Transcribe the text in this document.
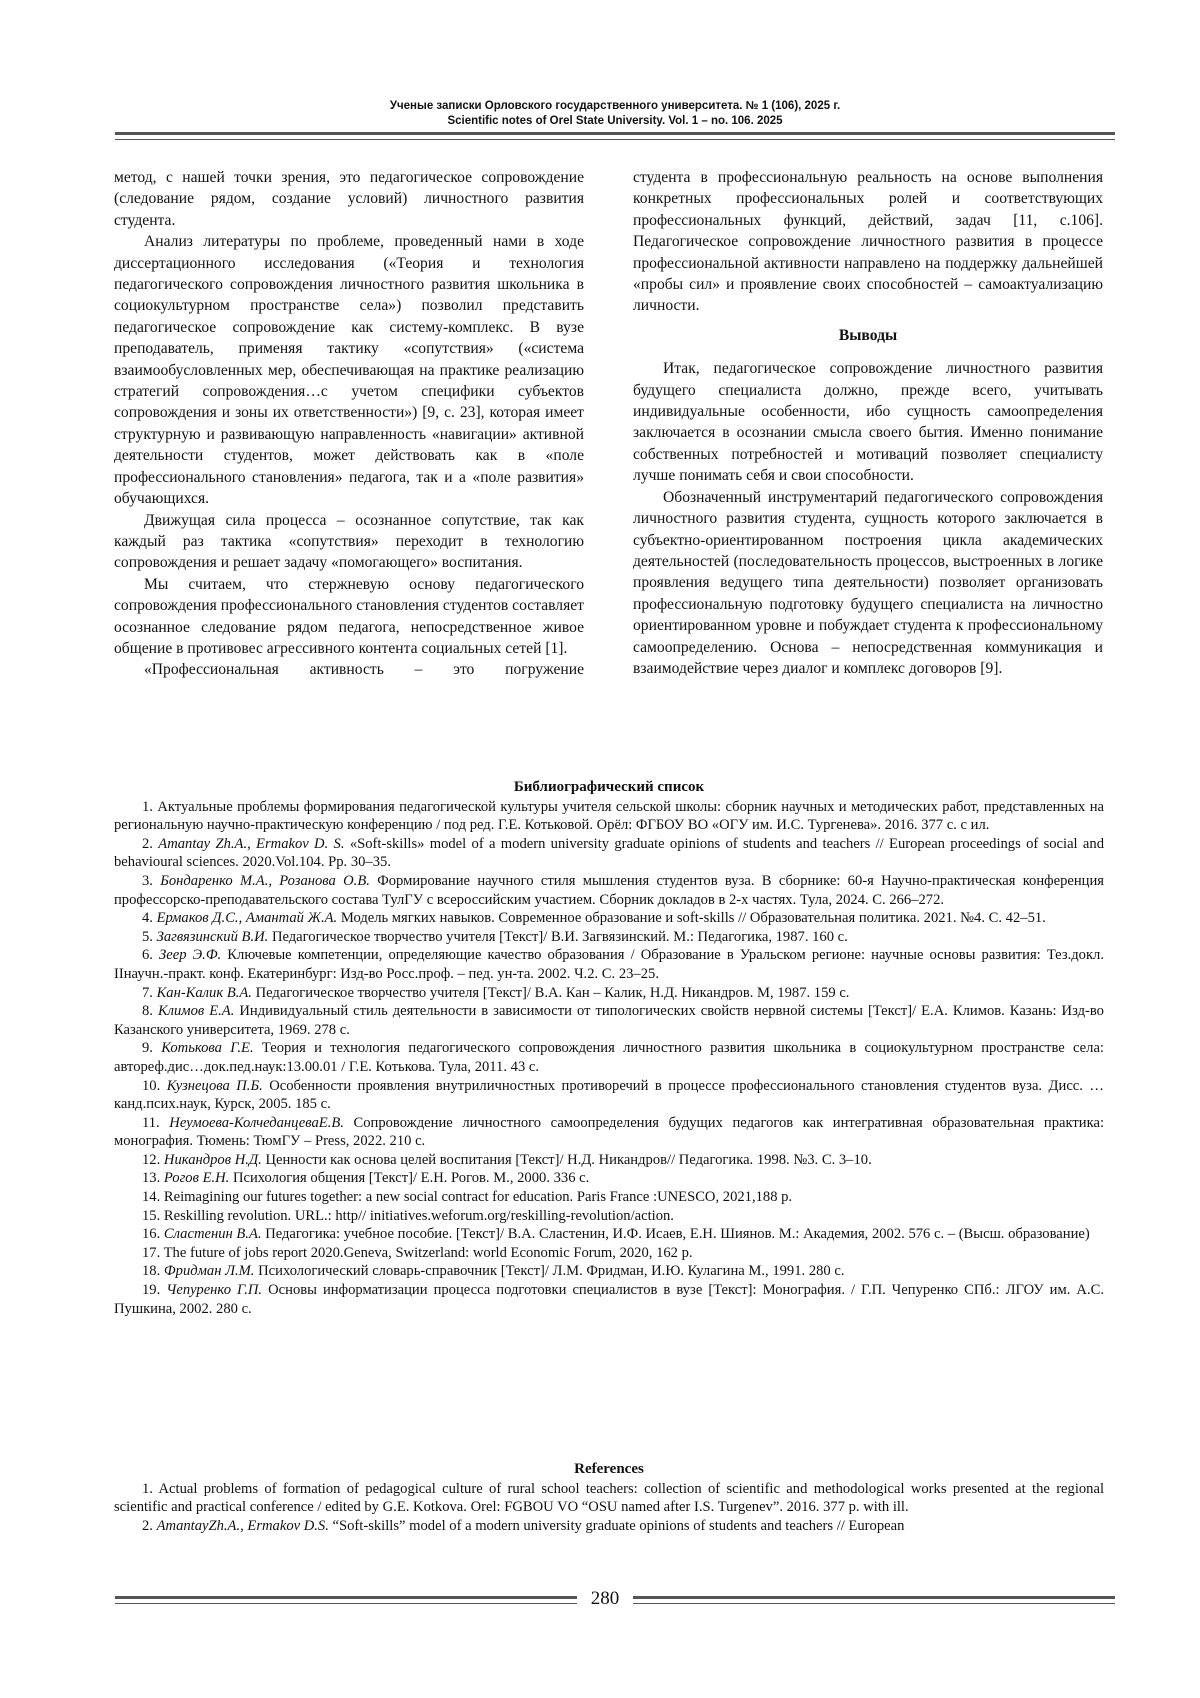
Ученые записки Орловского государственного университета. № 1 (106), 2025 г.
Scientific notes of Orel State University. Vol. 1 – no. 106. 2025

метод, с нашей точки зрения, это педагогическое сопровождение (следование рядом, создание условий) личностного развития студента.

Анализ литературы по проблеме, проведенный нами в ходе диссертационного исследования («Теория и технология педагогического сопровождения личностного развития школьника в социокультурном пространстве села») позволил представить педагогическое сопровождение как систему-комплекс. В вузе преподаватель, применяя тактику «сопутствия» («система взаимообусловленных мер, обеспечивающая на практике реализацию стратегий сопровождения…с учетом специфики субъектов сопровождения и зоны их ответственности») [9, с. 23], которая имеет структурную и развивающую направленность «навигации» активной деятельности студентов, может действовать как в «поле профессионального становления» педагога, так и а «поле развития» обучающихся.

Движущая сила процесса – осознанное сопутствие, так как каждый раз тактика «сопутствия» переходит в технологию сопровождения и решает задачу «помогающего» воспитания.

Мы считаем, что стержневую основу педагогического сопровождения профессионального становления студентов составляет осознанное следование рядом педагога, непосредственное живое общение в противовес агрессивного контента социальных сетей [1].

«Профессиональная активность – это погружение

студента в профессиональную реальность на основе выполнения конкретных профессиональных ролей и соответствующих профессиональных функций, действий, задач [11, с.106]. Педагогическое сопровождение личностного развития в процессе профессиональной активности направлено на поддержку дальнейшей «пробы сил» и проявление своих способностей – самоактуализацию личности.

Выводы

Итак, педагогическое сопровождение личностного развития будущего специалиста должно, прежде всего, учитывать индивидуальные особенности, ибо сущность самоопределения заключается в осознании смысла своего бытия. Именно понимание собственных потребностей и мотиваций позволяет специалисту лучше понимать себя и свои способности.

Обозначенный инструментарий педагогического сопровождения личностного развития студента, сущность которого заключается в субъектно-ориентированном построения цикла академических деятельностей (последовательность процессов, выстроенных в логике проявления ведущего типа деятельности) позволяет организовать профессиональную подготовку будущего специалиста на личностно ориентированном уровне и побуждает студента к профессиональному самоопределению. Основа – непосредственная коммуникация и взаимодействие через диалог и комплекс договоров [9].

Библиографический список

1. Актуальные проблемы формирования педагогической культуры учителя сельской школы: сборник научных и методических работ, представленных на региональную научно-практическую конференцию / под ред. Г.Е. Котьковой. Орёл: ФГБОУ ВО «ОГУ им. И.С. Тургенева». 2016. 377 с. с ил.

2. Amantay Zh.A., Ermakov D. S. «Soft-skills» model of a modern university graduate opinions of students and teachers // European proceedings of social and behavioural sciences. 2020.Vol.104. Pp. 30–35.

3. Бондаренко М.А., Розанова О.В. Формирование научного стиля мышления студентов вуза. В сборнике: 60-я Научно-практическая конференция профессорско-преподавательского состава ТулГУ с всероссийским участием. Сборник докладов в 2-х частях. Тула, 2024. С. 266–272.

4. Ермаков Д.С., Амантай Ж.А. Модель мягких навыков. Современное образование и soft-skills // Образовательная политика. 2021. №4. С. 42–51.

5. Загвязинский В.И. Педагогическое творчество учителя [Текст]/ В.И. Загвязинский. М.: Педагогика, 1987. 160 с.

6. Зеер Э.Ф. Ключевые компетенции, определяющие качество образования / Образование в Уральском регионе: научные основы развития: Тез.докл. IIнаучн.-практ. конф. Екатеринбург: Изд-во Росс.проф. – пед. ун-та. 2002. Ч.2. С. 23–25.

7. Кан-Калик В.А. Педагогическое творчество учителя [Текст]/ В.А. Кан – Калик, Н.Д. Никандров. М, 1987. 159 с.

8. Климов Е.А. Индивидуальный стиль деятельности в зависимости от типологических свойств нервной системы [Текст]/ Е.А. Климов. Казань: Изд-во Казанского университета, 1969. 278 с.

9. Котькова Г.Е. Теория и технология педагогического сопровождения личностного развития школьника в социокультурном пространстве села: автореф.дис…док.пед.наук:13.00.01 / Г.Е. Котькова. Тула, 2011. 43 с.

10. Кузнецова П.Б. Особенности проявления внутриличностных противоречий в процессе профессионального становления студентов вуза. Дисс. …канд.псих.наук, Курск, 2005. 185 с.

11. Неумоева-КолчеданцеваЕ.В. Сопровождение личностного самоопределения будущих педагогов как интегративная образовательная практика: монография. Тюмень: ТюмГУ – Press, 2022. 210 с.

12. Никандров Н.Д. Ценности как основа целей воспитания [Текст]/ Н.Д. Никандров// Педагогика. 1998. №3. С. 3–10.

13. Рогов Е.Н. Психология общения [Текст]/ Е.Н. Рогов. М., 2000. 336 с.

14. Reimagining our futures together: a new social contract for education. Paris France :UNESCO, 2021,188 p.

15. Reskilling revolution. URL.: http// initiatives.weforum.org/reskilling-revolution/action.

16. Сластенин В.А. Педагогика: учебное пособие. [Текст]/ В.А. Сластенин, И.Ф. Исаев, Е.Н. Шиянов. М.: Академия, 2002. 576 с. – (Высш. образование)

17. The future of jobs report 2020.Geneva, Switzerland: world Economic Forum, 2020, 162 p.

18. Фридман Л.М. Психологический словарь-справочник [Текст]/ Л.М. Фридман, И.Ю. Кулагина М., 1991. 280 с.

19. Чепуренко Г.П. Основы информатизации процесса подготовки специалистов в вузе [Текст]: Монография. / Г.П. Чепуренко СПб.: ЛГОУ им. А.С. Пушкина, 2002. 280 с.

References

1. Actual problems of formation of pedagogical culture of rural school teachers: collection of scientific and methodological works presented at the regional scientific and practical conference / edited by G.E. Kotkova. Orel: FGBOU VO “OSU named after I.S. Turgenev”. 2016. 377 p. with ill.

2. AmantayZh.A., Ermakov D.S. “Soft-skills” model of a modern university graduate opinions of students and teachers // European

280
